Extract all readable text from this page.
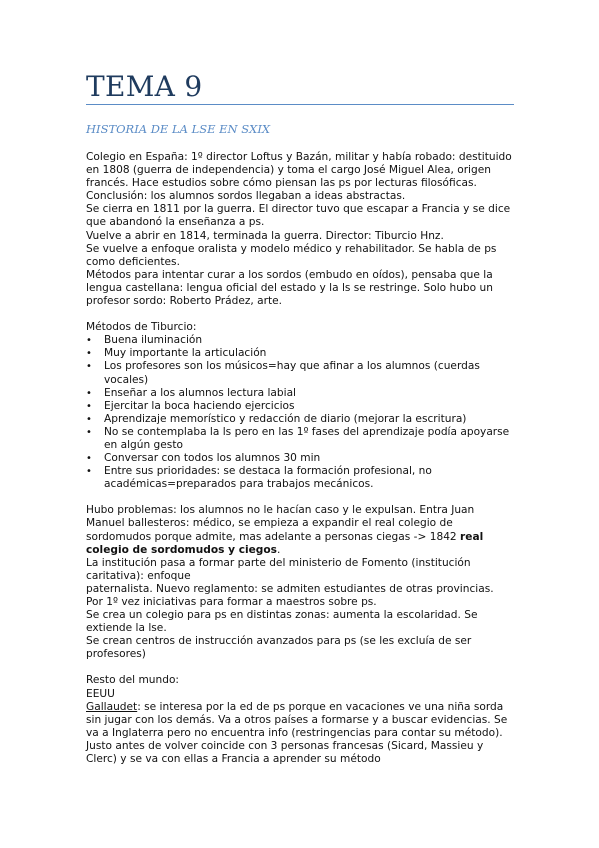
TEMA 9
HISTORIA DE LA LSE EN SXIX

Colegio en España: 1º director Loftus y Bazán, militar y había robado: destituido en 1808 (guerra de independencia) y toma el cargo José Miguel Alea, origen francés. Hace estudios sobre cómo piensan las ps por lecturas filosóficas. Conclusión: los alumnos sordos llegaban a ideas abstractas.

Se cierra en 1811 por la guerra. El director tuvo que escapar a Francia y se dice que abandonó la enseñanza a ps.

Vuelve a abrir en 1814, terminada la guerra. Director: Tiburcio Hnz.

Se vuelve a enfoque oralista y modelo médico y rehabilitador. Se habla de ps como deficientes.

Métodos para intentar curar a los sordos (embudo en oídos), pensaba que la lengua castellana: lengua oficial del estado y la ls se restringe. Solo hubo un profesor sordo: Roberto Prádez, arte.

Métodos de Tiburcio:

• Buena iluminación
• Muy importante la articulación
• Los profesores son los músicos=hay que afinar a los alumnos (cuerdas vocales)
• Enseñar a los alumnos lectura labial
• Ejercitar la boca haciendo ejercicios
• Aprendizaje memorístico y redacción de diario (mejorar la escritura)
• No se contemplaba la ls pero en las 1º fases del aprendizaje podía apoyarse en algún gesto
• Conversar con todos los alumnos 30 min
• Entre sus prioridades: se destaca la formación profesional, no académicas=preparados para trabajos mecánicos.

Hubo problemas: los alumnos no le hacían caso y le expulsan. Entra Juan Manuel ballesteros: médico, se empieza a expandir el real colegio de sordomudos porque admite, mas adelante a personas ciegas -> 1842 real colegio de sordomudos y ciegos.

La institución pasa a formar parte del ministerio de Fomento (institución caritativa): enfoque

paternalista. Nuevo reglamento: se admiten estudiantes de otras provincias.

Por 1º vez iniciativas para formar a maestros sobre ps.

Se crea un colegio para ps en distintas zonas: aumenta la escolaridad. Se extiende la lse.

Se crean centros de instrucción avanzados para ps (se les excluía de ser profesores)

Resto del mundo:

EEUU

Gallaudet: se interesa por la ed de ps porque en vacaciones ve una niña sorda sin jugar con los demás. Va a otros países a formarse y a buscar evidencias. Se va a Inglaterra pero no encuentra info (restringencias para contar su método). Justo antes de volver coincide con 3 personas francesas (Sicard, Massieu y Clerc) y se va con ellas a Francia a aprender su método
